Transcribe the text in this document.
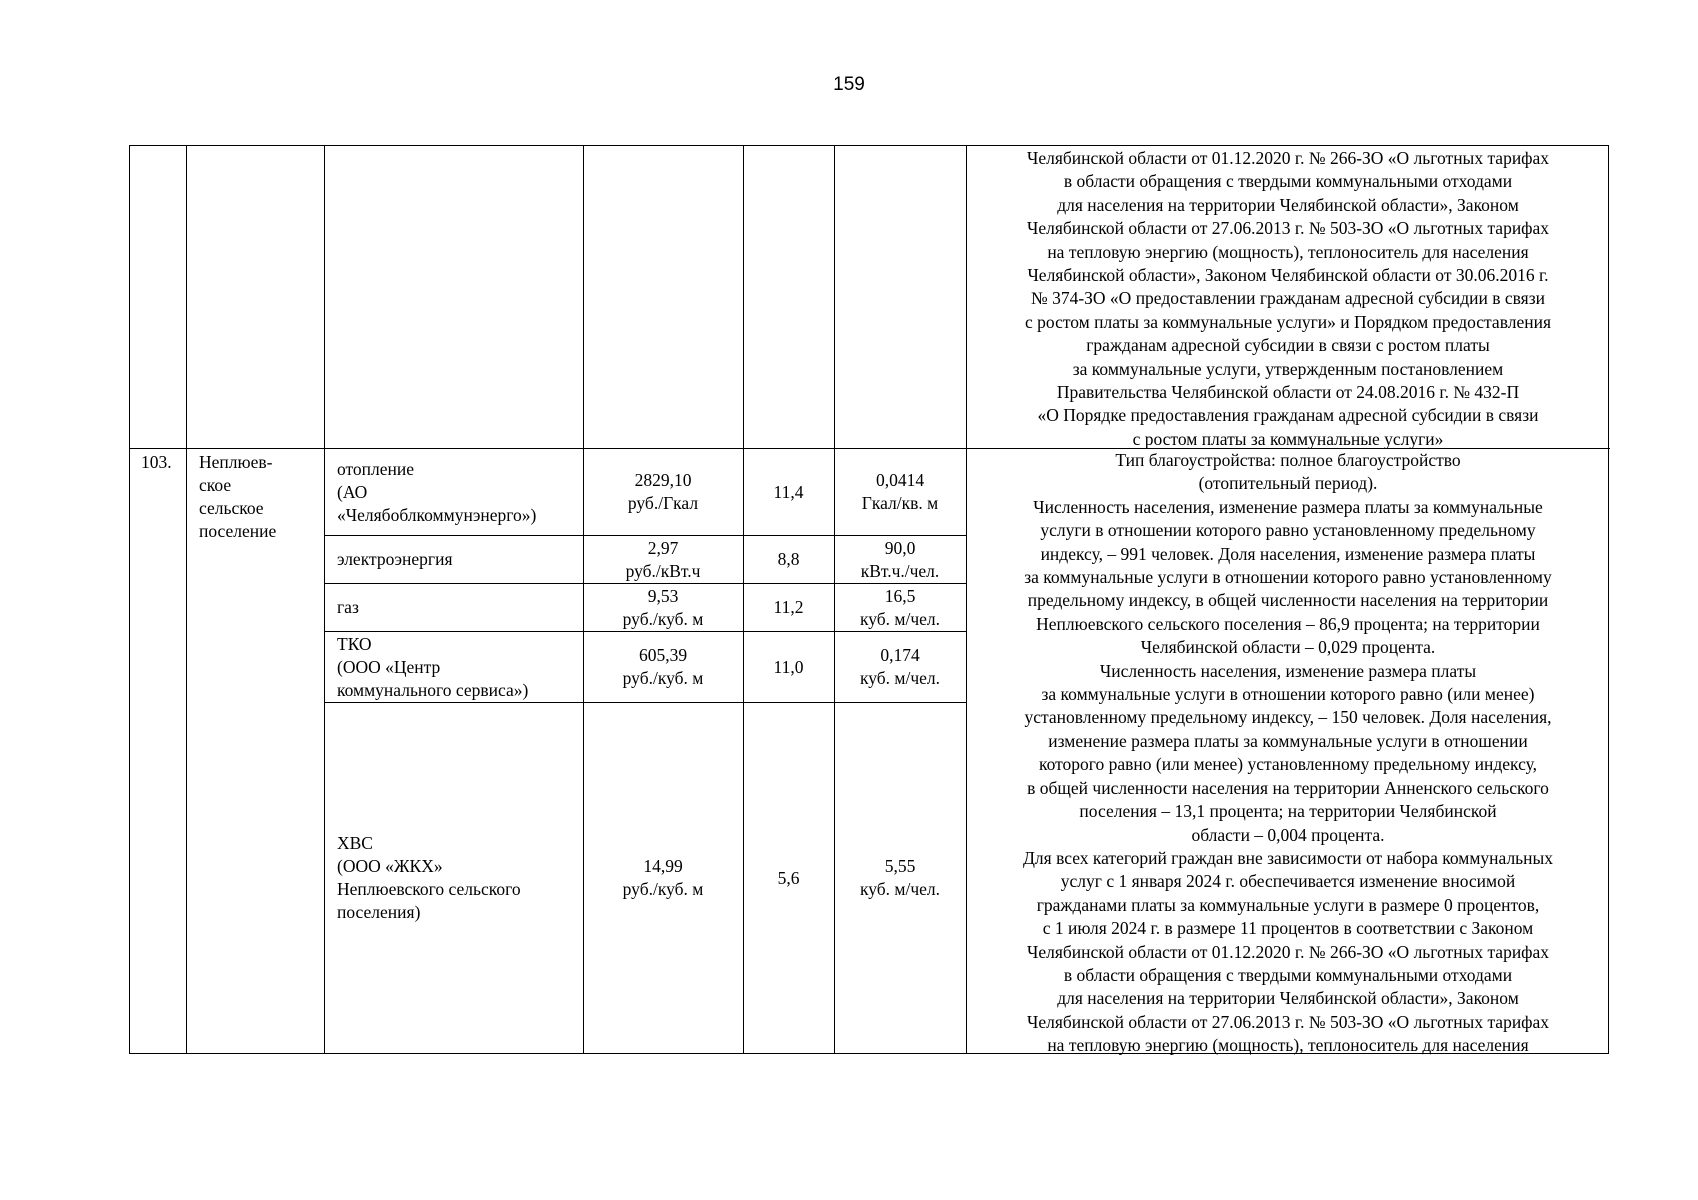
159
Челябинской области от 01.12.2020 г. № 266-ЗО «О льготных тарифах
в области обращения с твердыми коммунальными отходами
для населения на территории Челябинской области», Законом
Челябинской области от 27.06.2013 г. № 503-ЗО «О льготных тарифах
на тепловую энергию (мощность), теплоноситель для населения
Челябинской области», Законом Челябинской области от 30.06.2016 г.
№ 374-ЗО «О предоставлении гражданам адресной субсидии в связи
с ростом платы за коммунальные услуги» и Порядком предоставления
гражданам адресной субсидии в связи с ростом платы
за коммунальные услуги, утвержденным постановлением
Правительства Челябинской области от 24.08.2016 г. № 432-П
«О Порядке предоставления гражданам адресной субсидии в связи
с ростом платы за коммунальные услуги»
103. Неплюев-
ское
сельское
поселение
отопление
(АО
«Челябоблкоммунэнерго»)
2829,10
руб./Гкал
11,4
0,0414
Гкал/кв. м
электроэнергия
2,97
руб./кВт.ч
8,8
90,0
кВт.ч./чел.
газ
9,53
руб./куб. м
11,2
16,5
куб. м/чел.
ТКО
(ООО «Центр
коммунального сервиса»)
605,39
руб./куб. м
11,0
0,174
куб. м/чел.
ХВС
(ООО «ЖКХ»
Неплюевского сельского
поселения)
14,99
руб./куб. м
5,6
5,55
куб. м/чел.
Тип благоустройства: полное благоустройство
(отопительный период).
Численность населения, изменение размера платы за коммунальные
услуги в отношении которого равно установленному предельному
индексу, – 991 человек. Доля населения, изменение размера платы
за коммунальные услуги в отношении которого равно установленному
предельному индексу, в общей численности населения на территории
Неплюевского сельского поселения – 86,9 процента; на территории
Челябинской области – 0,029 процента.
Численность населения, изменение размера платы
за коммунальные услуги в отношении которого равно (или менее)
установленному предельному индексу, – 150 человек. Доля населения,
изменение размера платы за коммунальные услуги в отношении
которого равно (или менее) установленному предельному индексу,
в общей численности населения на территории Анненского сельского
поселения – 13,1 процента; на территории Челябинской
области – 0,004 процента.
Для всех категорий граждан вне зависимости от набора коммунальных
услуг с 1 января 2024 г. обеспечивается изменение вносимой
гражданами платы за коммунальные услуги в размере 0 процентов,
с 1 июля 2024 г. в размере 11 процентов в соответствии с Законом
Челябинской области от 01.12.2020 г. № 266-ЗО «О льготных тарифах
в области обращения с твердыми коммунальными отходами
для населения на территории Челябинской области», Законом
Челябинской области от 27.06.2013 г. № 503-ЗО «О льготных тарифах
на тепловую энергию (мощность), теплоноситель для населения
